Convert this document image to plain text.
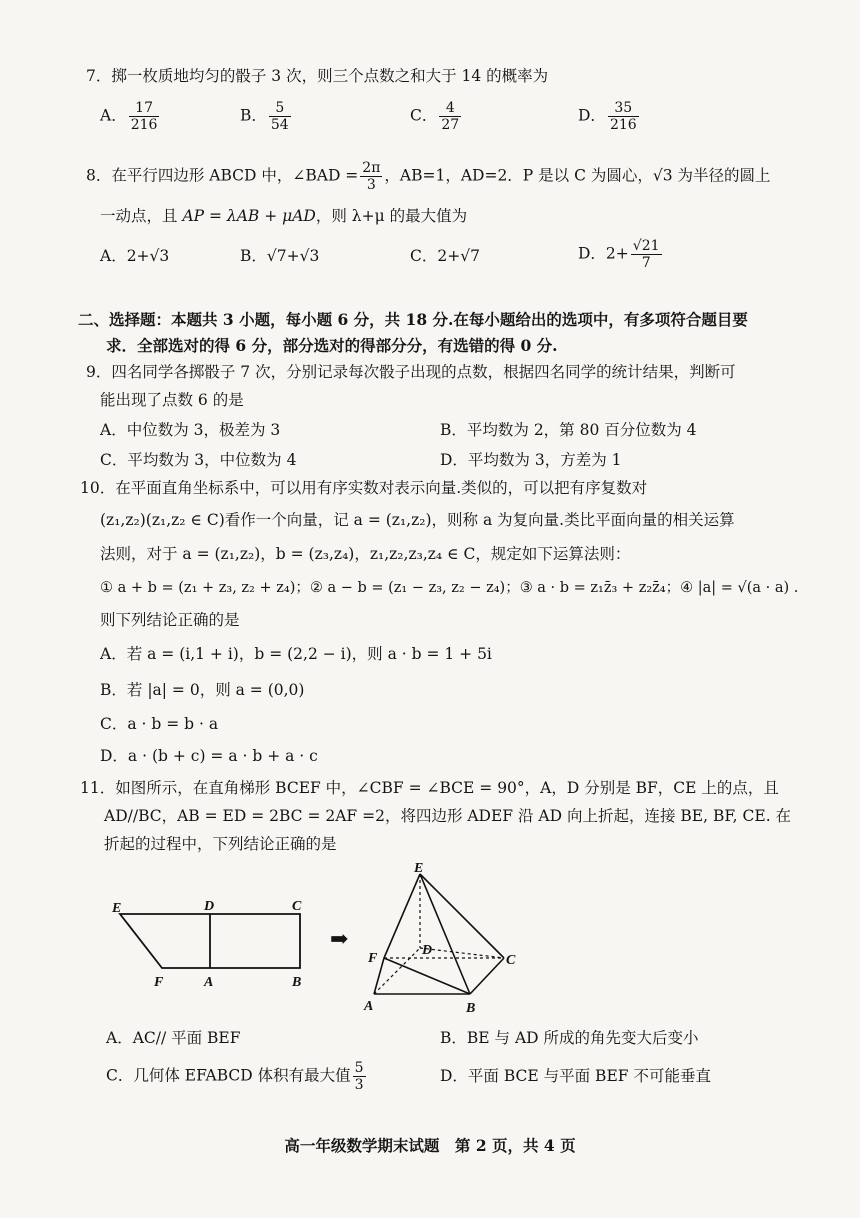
7．掷一枚质地均匀的骰子 3 次，则三个点数之和大于 14 的概率为
A． $\frac{17}{216}$	B． $\frac{5}{54}$	C． $\frac{4}{27}$	D． $\frac{35}{216}$
8．在平行四边形 ABCD 中，∠BAD = $\frac{2\pi}{3}$ ，AB=1，AD=2．P 是以 C 为圆心，√3 为半径的圆上
一动点，且 AP = λAB + μAD，则 λ+μ 的最大值为
A．2+√3	B．√7+√3	C．2+√7	D．$2+ \frac{√21}{7}$
二、选择题：本题共 3 小题，每小题 6 分，共 18 分.在每小题给出的选项中，有多项符合题目要
求．全部选对的得 6 分，部分选对的得部分分，有选错的得 0 分.
9．四名同学各掷骰子 7 次，分别记录每次骰子出现的点数，根据四名同学的统计结果，判断可
能出现了点数 6 的是
A．中位数为 3，极差为 3	B．平均数为 2，第 80 百分位数为 4
C．平均数为 3，中位数为 4	D．平均数为 3，方差为 1
10．在平面直角坐标系中，可以用有序实数对表示向量.类似的，可以把有序复数对
(z₁,z₂)(z₁,z₂ ∈ C)看作一个向量，记 a = (z₁,z₂)，则称 a 为复向量.类比平面向量的相关运算
法则，对于 a = (z₁,z₂)，b = (z₃,z₄)，z₁,z₂,z₃,z₄ ∈ C，规定如下运算法则：
① a + b = (z₁ + z₃, z₂ + z₄)；② a − b = (z₁ − z₃, z₂ − z₄)；③ a · b = z₁z̄₃ + z₂z̄₄；④ |a| = √(a · a) .
则下列结论正确的是
A．若 a = (i,1 + i)，b = (2,2 − i)，则 a · b = 1 + 5i
B．若 |a| = 0，则 a = (0,0)
C．a · b = b · a
D．a · (b + c) = a · b + a · c
11．如图所示，在直角梯形 BCEF 中，∠CBF = ∠BCE = 90°，A，D 分别是 BF，CE 上的点，且
AD//BC，AB = ED = 2BC = 2AF =2，将四边形 ADEF 沿 AD 向上折起，连接 BE, BF, CE. 在
折起的过程中，下列结论正确的是
E	D	C
F	A	B
➡
E
D
C
F
A	B
A．AC// 平面 BEF	B．BE 与 AD 所成的角先变大后变小
C．几何体 EFABCD 体积有最大值 $\frac{5}{3}$	D．平面 BCE 与平面 BEF 不可能垂直
高一年级数学期末试题　第 2 页，共 4 页
